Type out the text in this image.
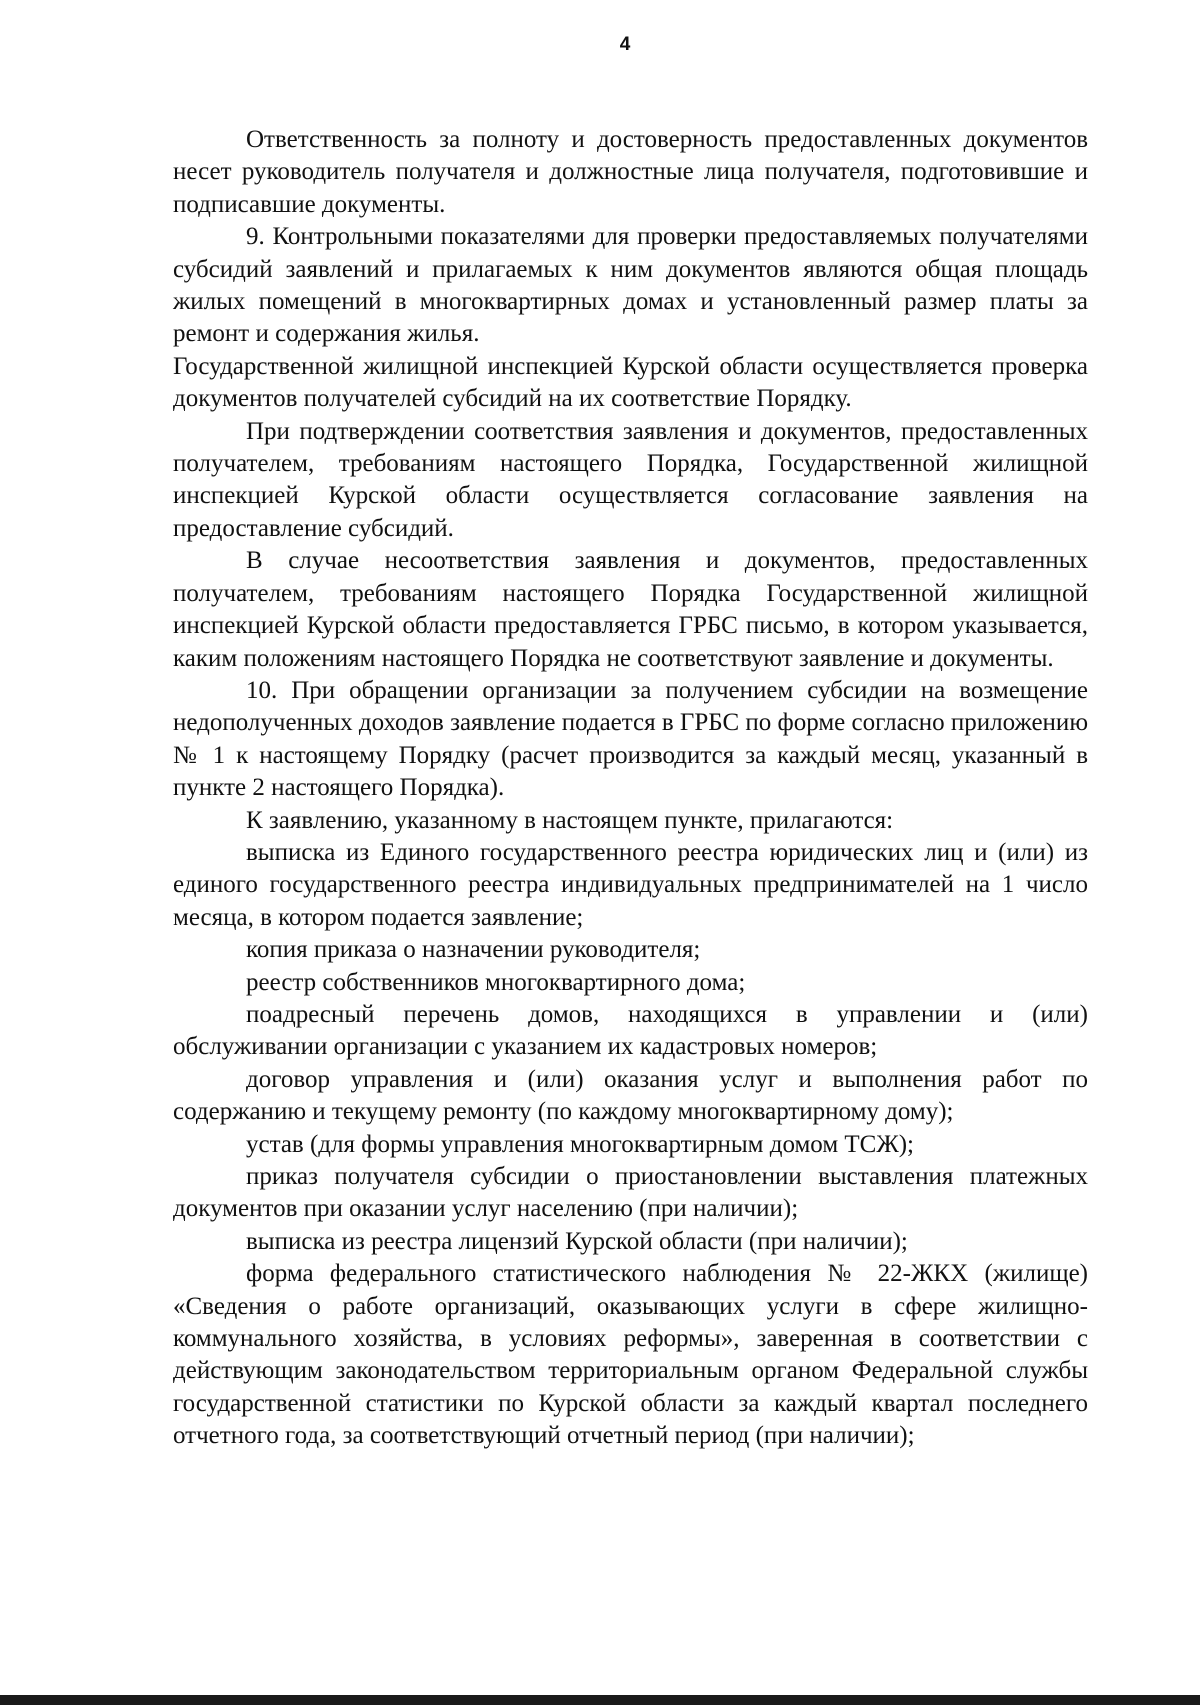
4

Ответственность за полноту и достоверность предоставленных документов несет руководитель получателя и должностные лица получателя, подготовившие и подписавшие документы.

9. Контрольными показателями для проверки предоставляемых получателями субсидий заявлений и прилагаемых к ним документов являются общая площадь жилых помещений в многоквартирных домах и установленный размер платы за ремонт и содержания жилья.

Государственной жилищной инспекцией Курской области осуществляется проверка документов получателей субсидий на их соответствие Порядку.

При подтверждении соответствия заявления и документов, предоставленных получателем, требованиям настоящего Порядка, Государственной жилищной инспекцией Курской области осуществляется согласование заявления на предоставление субсидий.

В случае несоответствия заявления и документов, предоставленных получателем, требованиям настоящего Порядка Государственной жилищной инспекцией Курской области предоставляется ГРБС письмо, в котором указывается, каким положениям настоящего Порядка не соответствуют заявление и документы.

10. При обращении организации за получением субсидии на возмещение недополученных доходов заявление подается в ГРБС по форме согласно приложению № 1 к настоящему Порядку (расчет производится за каждый месяц, указанный в пункте 2 настоящего Порядка).

К заявлению, указанному в настоящем пункте, прилагаются:

выписка из Единого государственного реестра юридических лиц и (или) из единого государственного реестра индивидуальных предпринимателей на 1 число месяца, в котором подается заявление;

копия приказа о назначении руководителя;

реестр собственников многоквартирного дома;

поадресный перечень домов, находящихся в управлении и (или) обслуживании организации с указанием их кадастровых номеров;

договор управления и (или) оказания услуг и выполнения работ по содержанию и текущему ремонту (по каждому многоквартирному дому);

устав (для формы управления многоквартирным домом ТСЖ);

приказ получателя субсидии о приостановлении выставления платежных документов при оказании услуг населению (при наличии);

выписка из реестра лицензий Курской области (при наличии);

форма федерального статистического наблюдения № 22-ЖКХ (жилище) «Сведения о работе организаций, оказывающих услуги в сфере жилищно-коммунального хозяйства, в условиях реформы», заверенная в соответствии с действующим законодательством территориальным органом Федеральной службы государственной статистики по Курской области за каждый квартал последнего отчетного года, за соответствующий отчетный период (при наличии);
